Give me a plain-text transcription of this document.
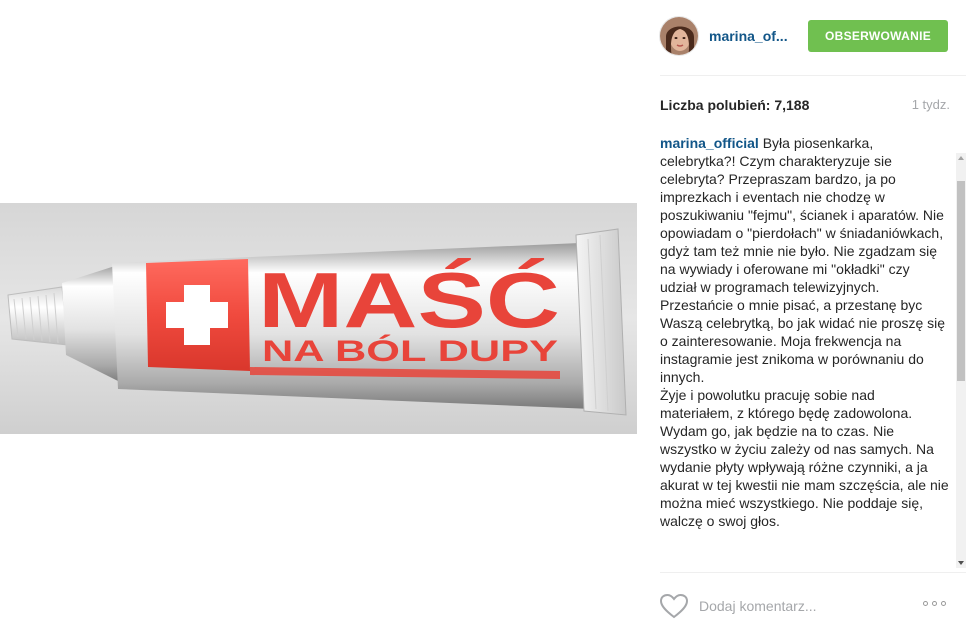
MAŚĆ
NA BÓL DUPY
marina_of...	OBSERWOWANIE
Liczba polubień: 7,188	1 tydz.

marina_official Była piosenkarka, celebrytka?! Czym charakteryzuje sie celebryta? Przepraszam bardzo, ja po imprezkach i eventach nie chodzę w poszukiwaniu "fejmu", ścianek i aparatów. Nie opowiadam o "pierdołach" w śniadaniówkach, gdyż tam też mnie nie było. Nie zgadzam się na wywiady i oferowane mi "okładki" czy udział w programach telewizyjnych.

Przestańcie o mnie pisać, a przestanę byc Waszą celebrytką, bo jak widać nie proszę się o zainteresowanie. Moja frekwencja na instagramie jest znikoma w porównaniu do innych.

Żyje i powolutku pracuję sobie nad materiałem, z którego będę zadowolona. Wydam go, jak będzie na to czas. Nie wszystko w życiu zależy od nas samych. Na wydanie płyty wpływają różne czynniki, a ja akurat w tej kwestii nie mam szczęścia, ale nie można mieć wszystkiego. Nie poddaje się, walczę o swoj głos.

Dodaj komentarz...
